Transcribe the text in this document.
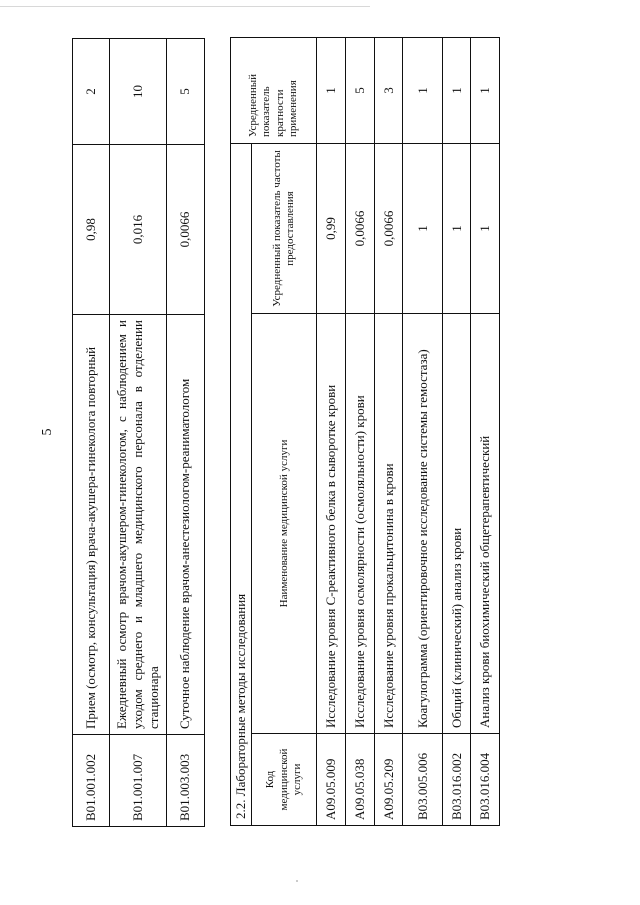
5
B01.001.002	Прием (осмотр, консультация) врача-акушера-гинеколога повторный	0,98	2
B01.001.007	Ежедневный осмотр врачом-акушером-гинекологом, с наблюдением и уходом среднего и младшего медицинского персонала в отделении стационара	0,016	10
B01.003.003	Суточное наблюдение врачом-анестезиологом-реаниматологом	0,0066	5
2.2. Лабораторные методы исследования			Усредненный показатель кратности применения
Код медицинской услуги	Наименование медицинской услуги	Усредненный показатель частоты предоставления	
A09.05.009	Исследование уровня С-реактивного белка в сыворотке крови	0,99	1
A09.05.038	Исследование уровня осмолярности (осмоляльности) крови	0,0066	5
A09.05.209	Исследование уровня прокальцитонина в крови	0,0066	3
B03.005.006	Коагулограмма (ориентировочное исследование системы гемостаза)	1	1
B03.016.002	Общий (клинический) анализ крови	1	1
B03.016.004	Анализ крови биохимический общетерапевтический	1	1
